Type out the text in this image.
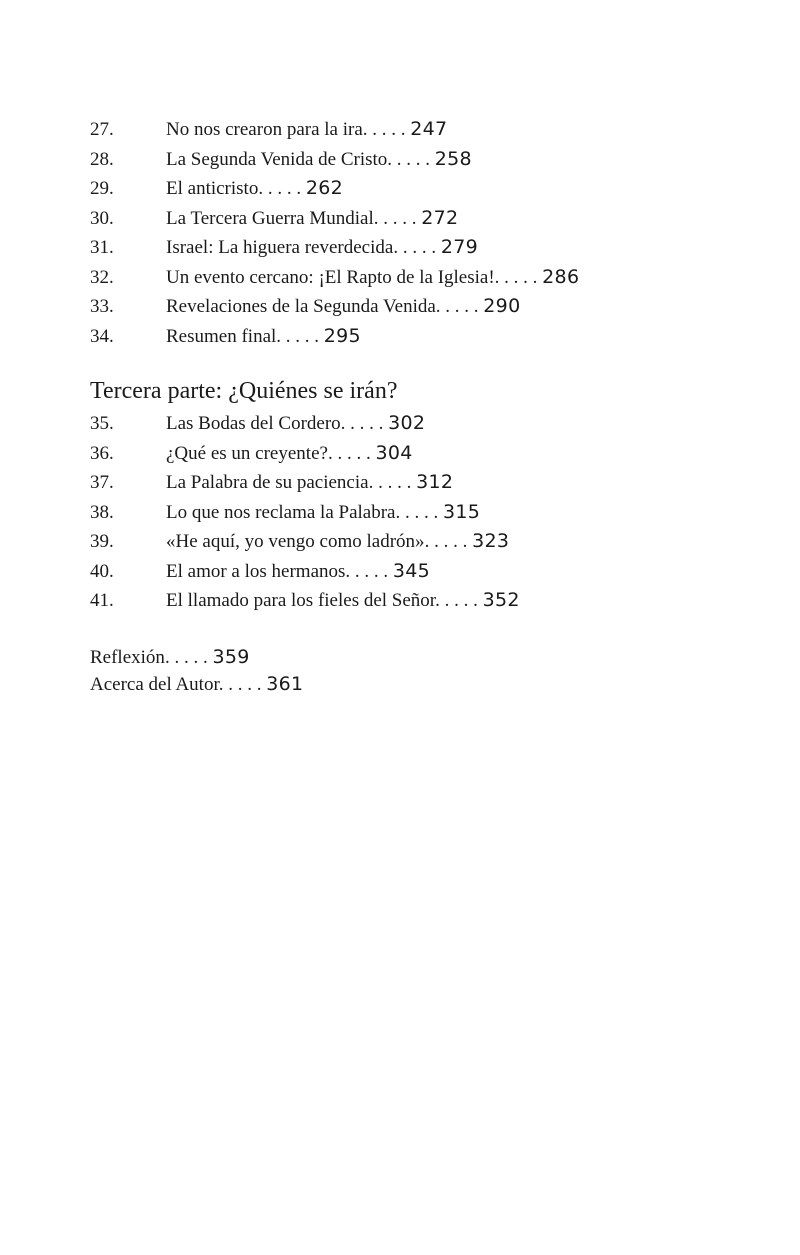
27.	No nos crearon para la ira. . . . . 247
28.	La Segunda Venida de Cristo. . . . . 258
29.	El anticristo. . . . . 262
30.	La Tercera Guerra Mundial. . . . . 272
31.	Israel: La higuera reverdecida. . . . . 279
32.	Un evento cercano: ¡El Rapto de la Iglesia!. . . . . 286
33.	Revelaciones de la Segunda Venida. . . . . 290
34.	Resumen final. . . . . 295
Tercera parte: ¿Quiénes se irán?
35.	Las Bodas del Cordero. . . . . 302
36.	¿Qué es un creyente?. . . . . 304
37.	La Palabra de su paciencia. . . . . 312
38.	Lo que nos reclama la Palabra. . . . . 315
39.	«He aquí, yo vengo como ladrón». . . . . 323
40.	El amor a los hermanos. . . . . 345
41.	El llamado para los fieles del Señor. . . . . 352
Reflexión. . . . . 359
Acerca del Autor. . . . . 361
